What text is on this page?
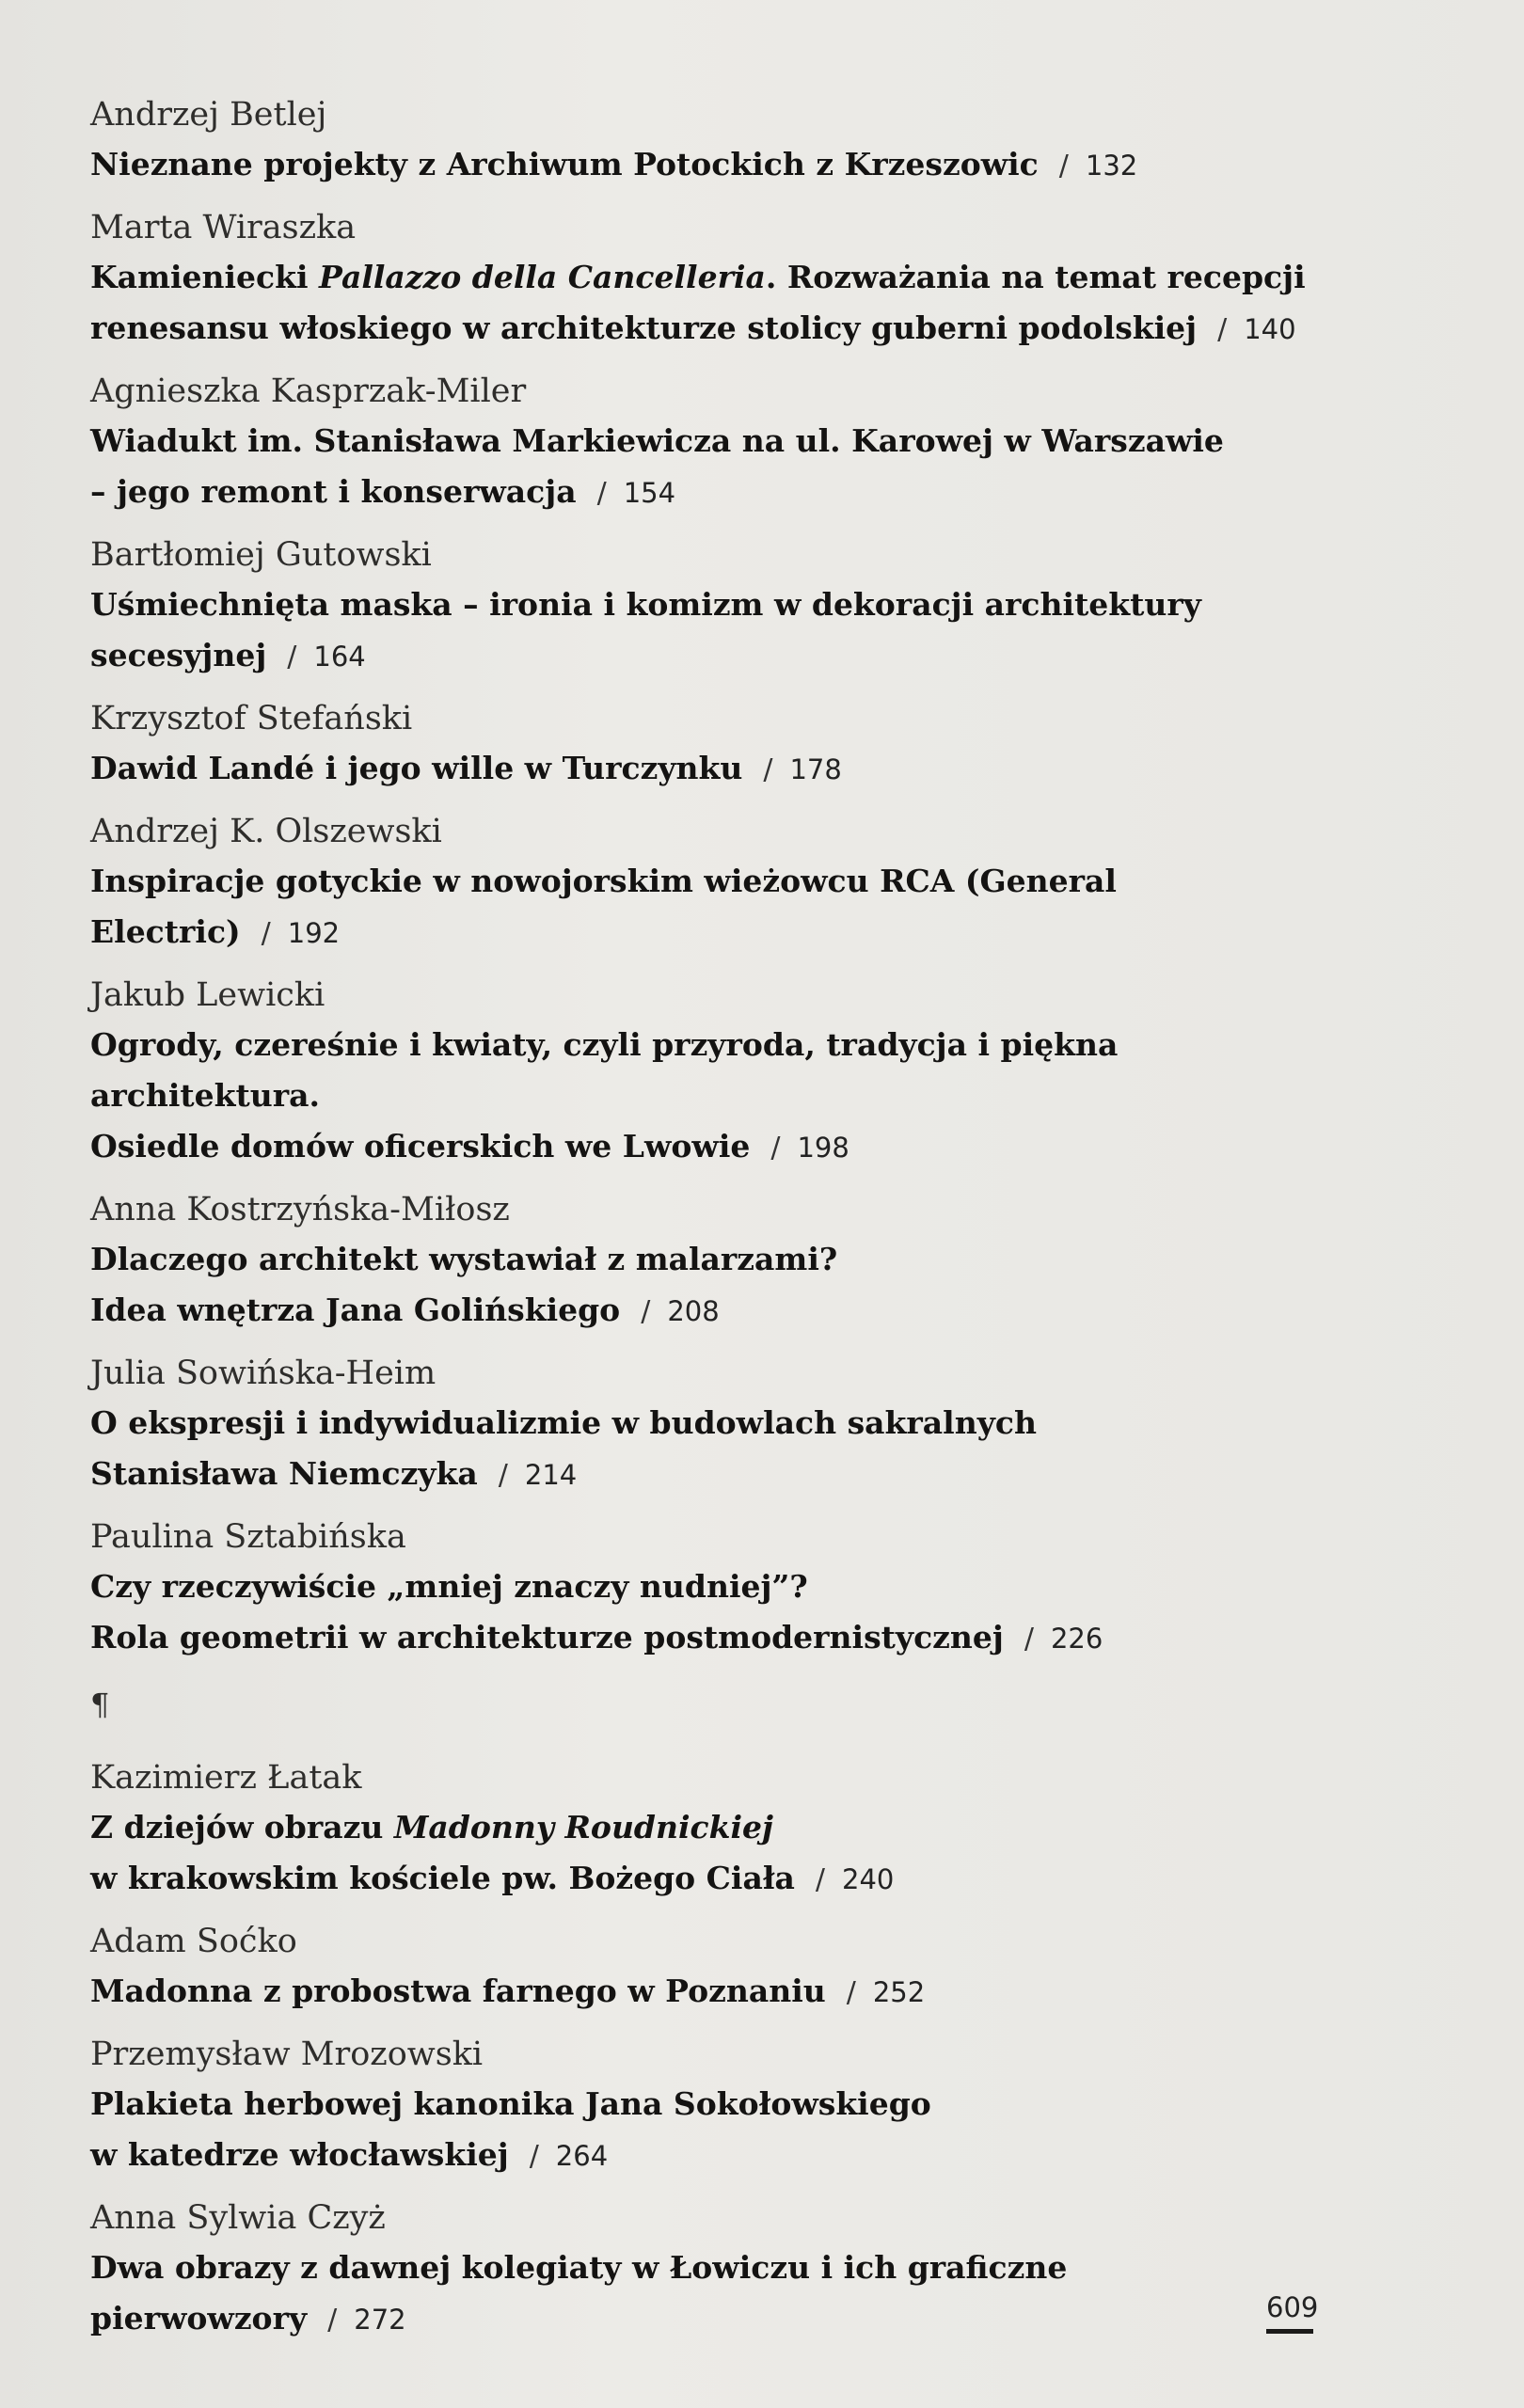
Andrzej Betlej
Nieznane projekty z Archiwum Potockich z Krzeszowic / 132
Marta Wiraszka
Kamieniecki Pallazzo della Cancelleria. Rozważania na temat recepcji
renesansu włoskiego w architekturze stolicy guberni podolskiej / 140
Agnieszka Kasprzak-Miler
Wiadukt im. Stanisława Markiewicza na ul. Karowej w Warszawie
– jego remont i konserwacja / 154
Bartłomiej Gutowski
Uśmiechnięta maska – ironia i komizm w dekoracji architektury
secesyjnej / 164
Krzysztof Stefański
Dawid Landé i jego wille w Turczynku / 178
Andrzej K. Olszewski
Inspiracje gotyckie w nowojorskim wieżowcu RCA (General Electric) / 192
Jakub Lewicki
Ogrody, czereśnie i kwiaty, czyli przyroda, tradycja i piękna architektura.
Osiedle domów oficerskich we Lwowie / 198
Anna Kostrzyńska-Miłosz
Dlaczego architekt wystawiał z malarzami?
Idea wnętrza Jana Golińskiego / 208
Julia Sowińska-Heim
O ekspresji i indywidualizmie w budowlach sakralnych
Stanisława Niemczyka / 214
Paulina Sztabińska
Czy rzeczywiście „mniej znaczy nudniej”?
Rola geometrii w architekturze postmodernistycznej / 226
¶
Kazimierz Łatak
Z dziejów obrazu Madonny Roudnickiej
w krakowskim kościele pw. Bożego Ciała / 240
Adam Soćko
Madonna z probostwa farnego w Poznaniu / 252
Przemysław Mrozowski
Plakieta herbowej kanonika Jana Sokołowskiego
w katedrze włocławskiej / 264
Anna Sylwia Czyż
Dwa obrazy z dawnej kolegiaty w Łowiczu i ich graficzne pierwowzory / 272	609
